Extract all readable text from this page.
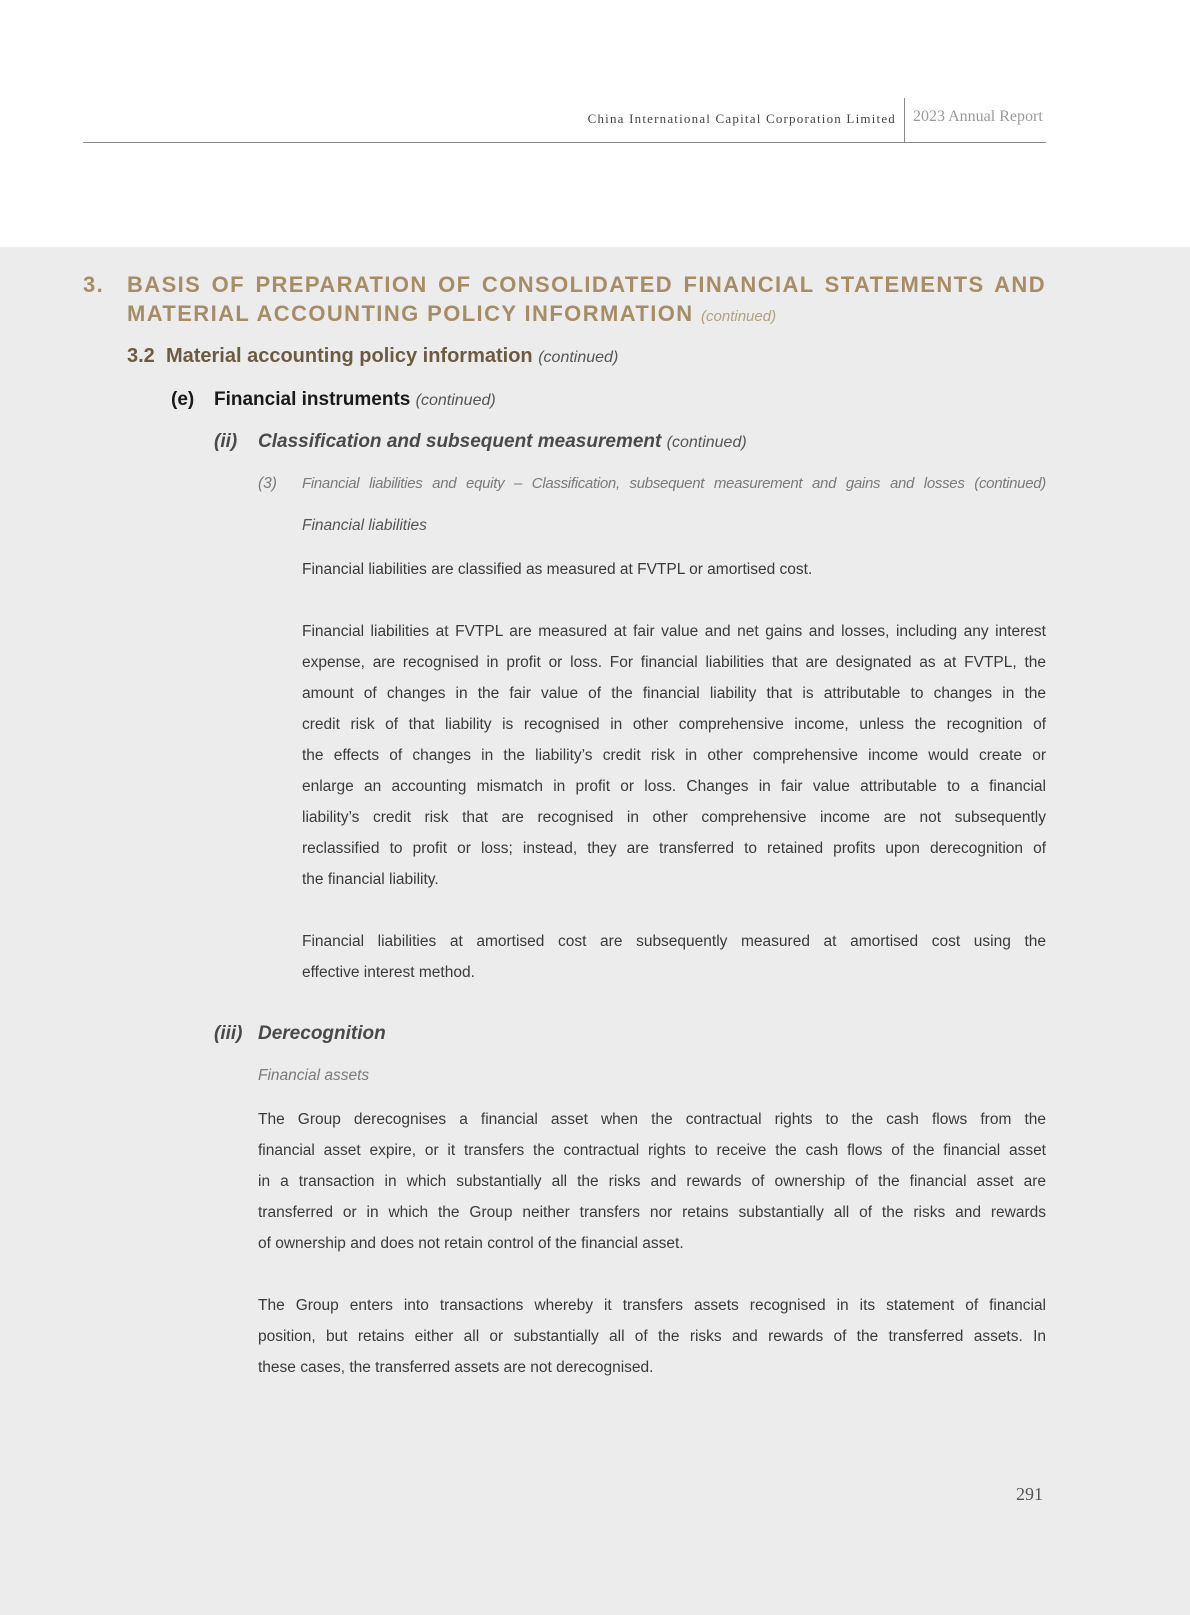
China International Capital Corporation Limited 2023 Annual Report
3. BASIS OF PREPARATION OF CONSOLIDATED FINANCIAL STATEMENTS AND
MATERIAL ACCOUNTING POLICY INFORMATION (continued)
3.2 Material accounting policy information (continued)
(e) Financial instruments (continued)
(ii) Classification and subsequent measurement (continued)
(3) Financial liabilities and equity – Classification, subsequent measurement and gains and losses (continued)
Financial liabilities
Financial liabilities are classified as measured at FVTPL or amortised cost.
Financial liabilities at FVTPL are measured at fair value and net gains and losses, including any interest
expense, are recognised in profit or loss. For financial liabilities that are designated as at FVTPL, the
amount of changes in the fair value of the financial liability that is attributable to changes in the
credit risk of that liability is recognised in other comprehensive income, unless the recognition of
the effects of changes in the liability’s credit risk in other comprehensive income would create or
enlarge an accounting mismatch in profit or loss. Changes in fair value attributable to a financial
liability’s credit risk that are recognised in other comprehensive income are not subsequently
reclassified to profit or loss; instead, they are transferred to retained profits upon derecognition of
the financial liability.
Financial liabilities at amortised cost are subsequently measured at amortised cost using the
effective interest method.
(iii) Derecognition
Financial assets
The Group derecognises a financial asset when the contractual rights to the cash flows from the
financial asset expire, or it transfers the contractual rights to receive the cash flows of the financial asset
in a transaction in which substantially all the risks and rewards of ownership of the financial asset are
transferred or in which the Group neither transfers nor retains substantially all of the risks and rewards
of ownership and does not retain control of the financial asset.
The Group enters into transactions whereby it transfers assets recognised in its statement of financial
position, but retains either all or substantially all of the risks and rewards of the transferred assets. In
these cases, the transferred assets are not derecognised.
291
